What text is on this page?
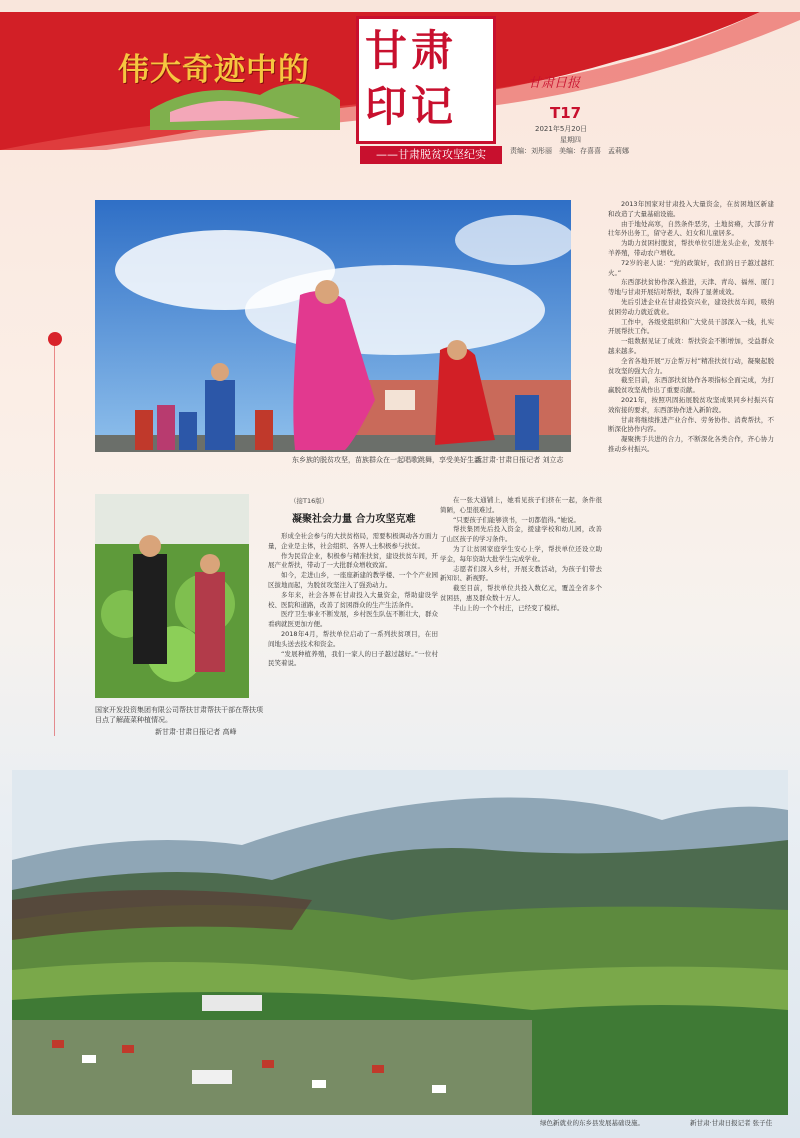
伟大奇迹中的 甘肃
印记
——甘肃脱贫攻坚纪实
甘肃日报
T17
2021年5月20日
星期四
责编：刘彤丽　美编：存喜喜　孟莉娜
东乡族的脱贫攻坚，苗族群众在一起唱歌跳舞，享受美好生活。
新甘肃·甘肃日报记者 刘立志
国家开发投资集团有限公司帮扶甘肃帮扶干部在帮扶项目点了解蔬菜种植情况。
新甘肃·甘肃日报记者 高峰
（接T16版）
凝聚社会力量 合力攻坚克难

形成全社会参与的大扶贫格局，需要积极调动各方面力量，企业是主体，社会组织、各界人士积极参与扶贫。

作为民营企业，积极参与精准扶贫，建设扶贫车间，开展产业帮扶，带动了一大批群众增收致富。

如今，走进山乡，一座座新建的教学楼、一个个产业园区拔地而起，为脱贫攻坚注入了强劲动力。

多年来，社会各界在甘肃投入大量资金，帮助建设学校、医院和道路，改善了贫困群众的生产生活条件。

医疗卫生事业不断发展，乡村医生队伍不断壮大，群众看病就医更加方便。

2018年4月，帮扶单位启动了一系列扶贫项目，在田间地头送去技术和资金。

“发展种植养殖，我们一家人的日子越过越好。”一位村民笑着说。

在一张大通铺上，她看见孩子们挤在一起，条件很简陋，心里很难过。

“只要孩子们能够读书，一切都值得。”她说。

帮扶集团先后投入资金，援建学校和幼儿园，改善了山区孩子的学习条件。

为了让贫困家庭学生安心上学，帮扶单位还设立助学金，每年资助大批学生完成学业。

志愿者们深入乡村，开展支教活动，为孩子们带去新知识、新视野。

截至目前，帮扶单位共投入数亿元，覆盖全省多个贫困县，惠及群众数十万人。

半山上的一个个村庄，已经变了模样。

2013年国家对甘肃投入大量资金，在贫困地区新建和改造了大量基础设施。

由于地处高寒，自然条件恶劣，土地贫瘠，大部分青壮年外出务工，留守老人、妇女和儿童居多。

为助力贫困村脱贫，帮扶单位引进龙头企业，发展牛羊养殖，带动农户增收。

72岁的老人说：“党的政策好，我们的日子越过越红火。”

东西部扶贫协作深入推进，天津、青岛、福州、厦门等地与甘肃开展结对帮扶，取得了显著成效。

先后引进企业在甘肃投资兴业，建设扶贫车间，吸纳贫困劳动力就近就业。

工作中，各级党组织和广大党员干部深入一线，扎实开展帮扶工作。

一组数据见证了成效：帮扶资金不断增加，受益群众越来越多。

全省各地开展“万企帮万村”精准扶贫行动，凝聚起脱贫攻坚的强大合力。

截至目前，东西部扶贫协作各项指标全面完成，为打赢脱贫攻坚战作出了重要贡献。

2021年，按照巩固拓展脱贫攻坚成果同乡村振兴有效衔接的要求，东西部协作进入新阶段。

甘肃将继续推进产业合作、劳务协作、消费帮扶，不断深化协作内容。

凝聚携手共进的合力，不断深化各类合作，齐心协力推动乡村振兴。

绿色新就业的东乡县发展基础设施。	新甘肃·甘肃日报记者 张子佳
